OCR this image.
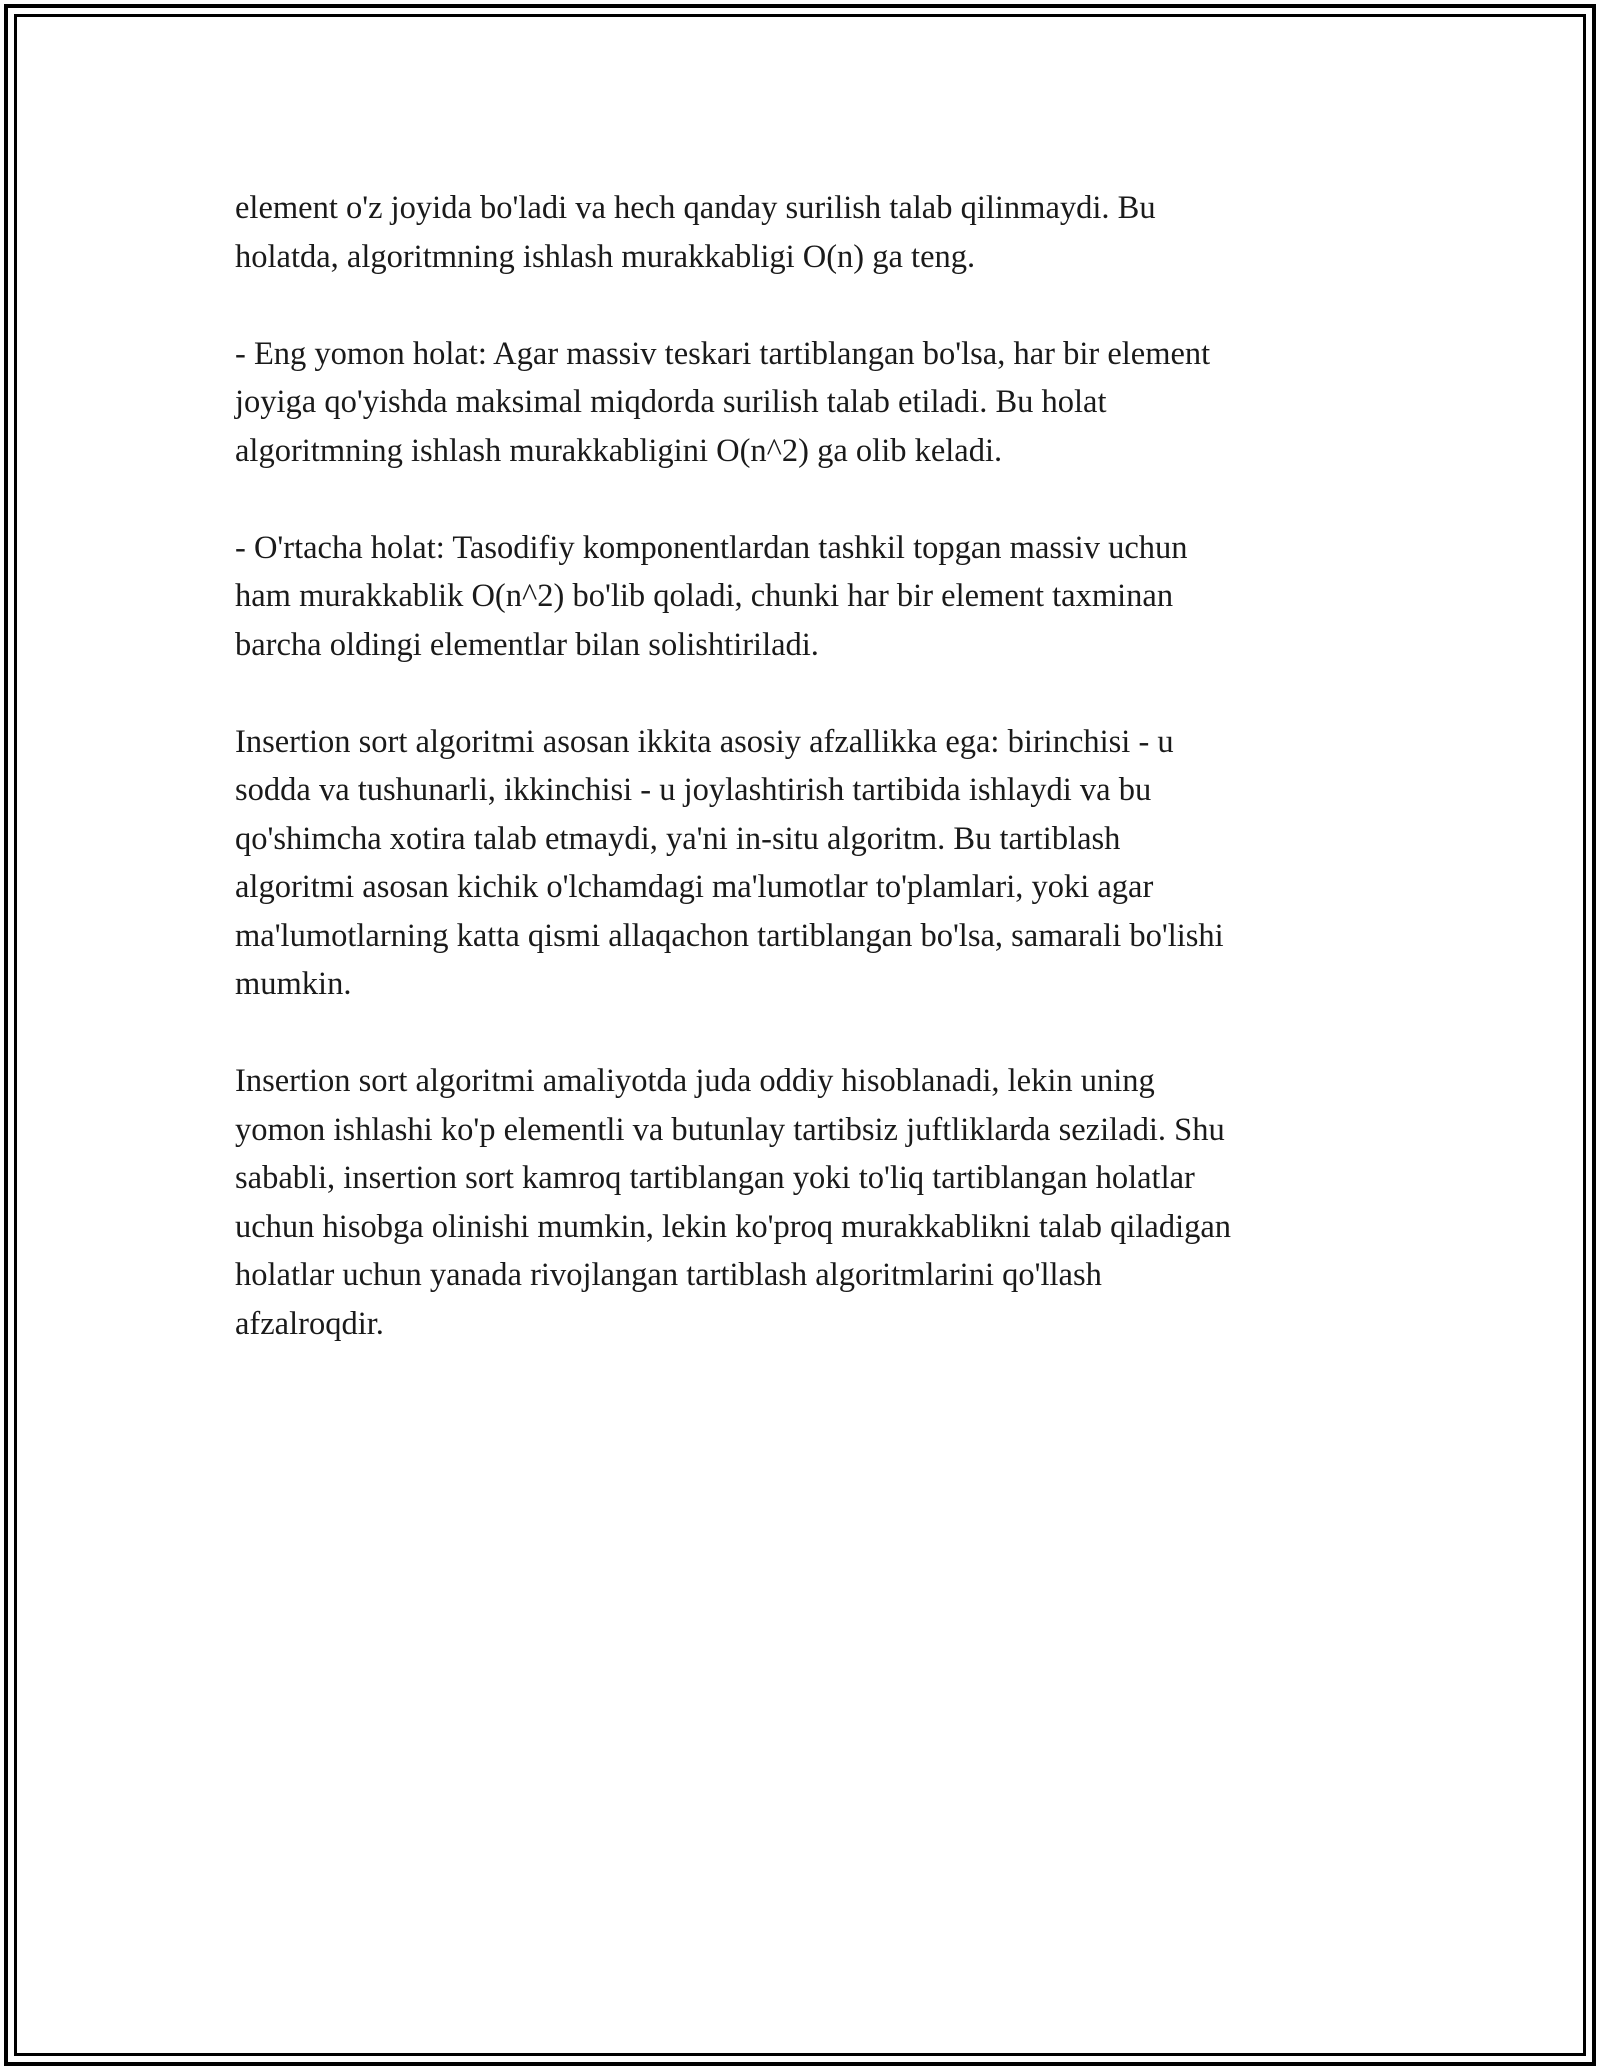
element o'z joyida bo'ladi va hech qanday surilish talab qilinmaydi. Bu
holatda, algoritmning ishlash murakkabligi O(n) ga teng.

- Eng yomon holat: Agar massiv teskari tartiblangan bo'lsa, har bir element
joyiga qo'yishda maksimal miqdorda surilish talab etiladi. Bu holat
algoritmning ishlash murakkabligini O(n^2) ga olib keladi.

- O'rtacha holat: Tasodifiy komponentlardan tashkil topgan massiv uchun
ham murakkablik O(n^2) bo'lib qoladi, chunki har bir element taxminan
barcha oldingi elementlar bilan solishtiriladi.

Insertion sort algoritmi asosan ikkita asosiy afzallikka ega: birinchisi - u
sodda va tushunarli, ikkinchisi - u joylashtirish tartibida ishlaydi va bu
qo'shimcha xotira talab etmaydi, ya'ni in-situ algoritm. Bu tartiblash
algoritmi asosan kichik o'lchamdagi ma'lumotlar to'plamlari, yoki agar
ma'lumotlarning katta qismi allaqachon tartiblangan bo'lsa, samarali bo'lishi
mumkin.

Insertion sort algoritmi amaliyotda juda oddiy hisoblanadi, lekin uning
yomon ishlashi ko'p elementli va butunlay tartibsiz juftliklarda seziladi. Shu
sababli, insertion sort kamroq tartiblangan yoki to'liq tartiblangan holatlar
uchun hisobga olinishi mumkin, lekin ko'proq murakkablikni talab qiladigan
holatlar uchun yanada rivojlangan tartiblash algoritmlarini qo'llash
afzalroqdir.
